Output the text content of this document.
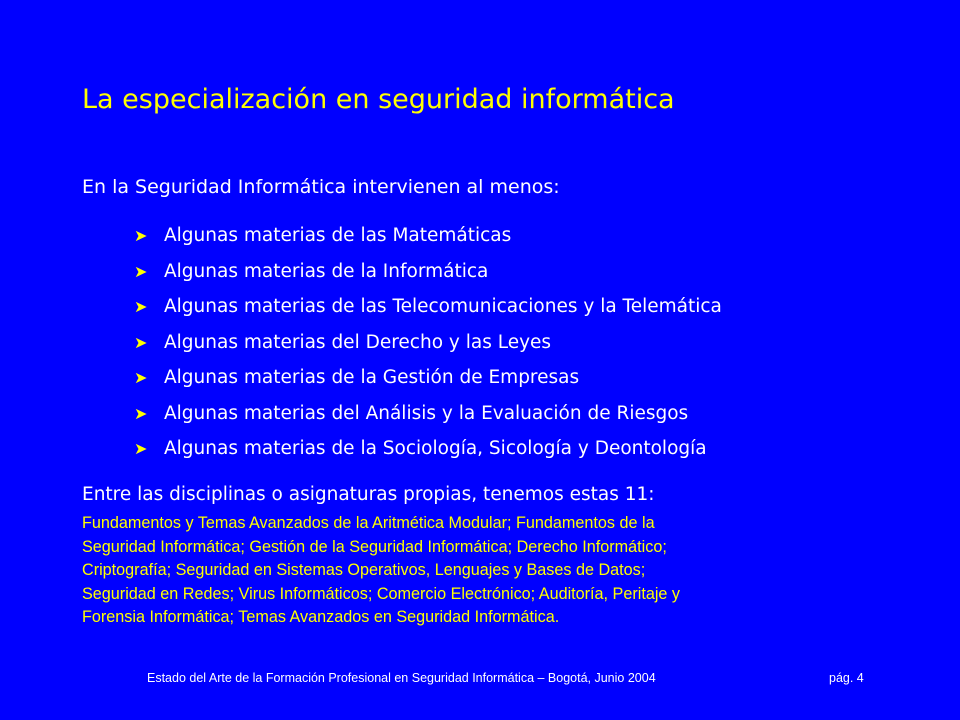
La especialización en seguridad informática
En la Seguridad Informática intervienen al menos:
➤ Algunas materias de las Matemáticas
➤ Algunas materias de la Informática
➤ Algunas materias de las Telecomunicaciones y la Telemática
➤ Algunas materias del Derecho y las Leyes
➤ Algunas materias de la Gestión de Empresas
➤ Algunas materias del Análisis y la Evaluación de Riesgos
➤ Algunas materias de la Sociología, Sicología y Deontología
Entre las disciplinas o asignaturas propias, tenemos estas 11:
Fundamentos y Temas Avanzados de la Aritmética Modular; Fundamentos de la
Seguridad Informática; Gestión de la Seguridad Informática; Derecho Informático;
Criptografía; Seguridad en Sistemas Operativos, Lenguajes y Bases de Datos;
Seguridad en Redes; Virus Informáticos; Comercio Electrónico; Auditoría, Peritaje y
Forensia Informática; Temas Avanzados en Seguridad Informática.
Estado del Arte de la Formación Profesional en Seguridad Informática – Bogotá, Junio 2004	pág. 4
